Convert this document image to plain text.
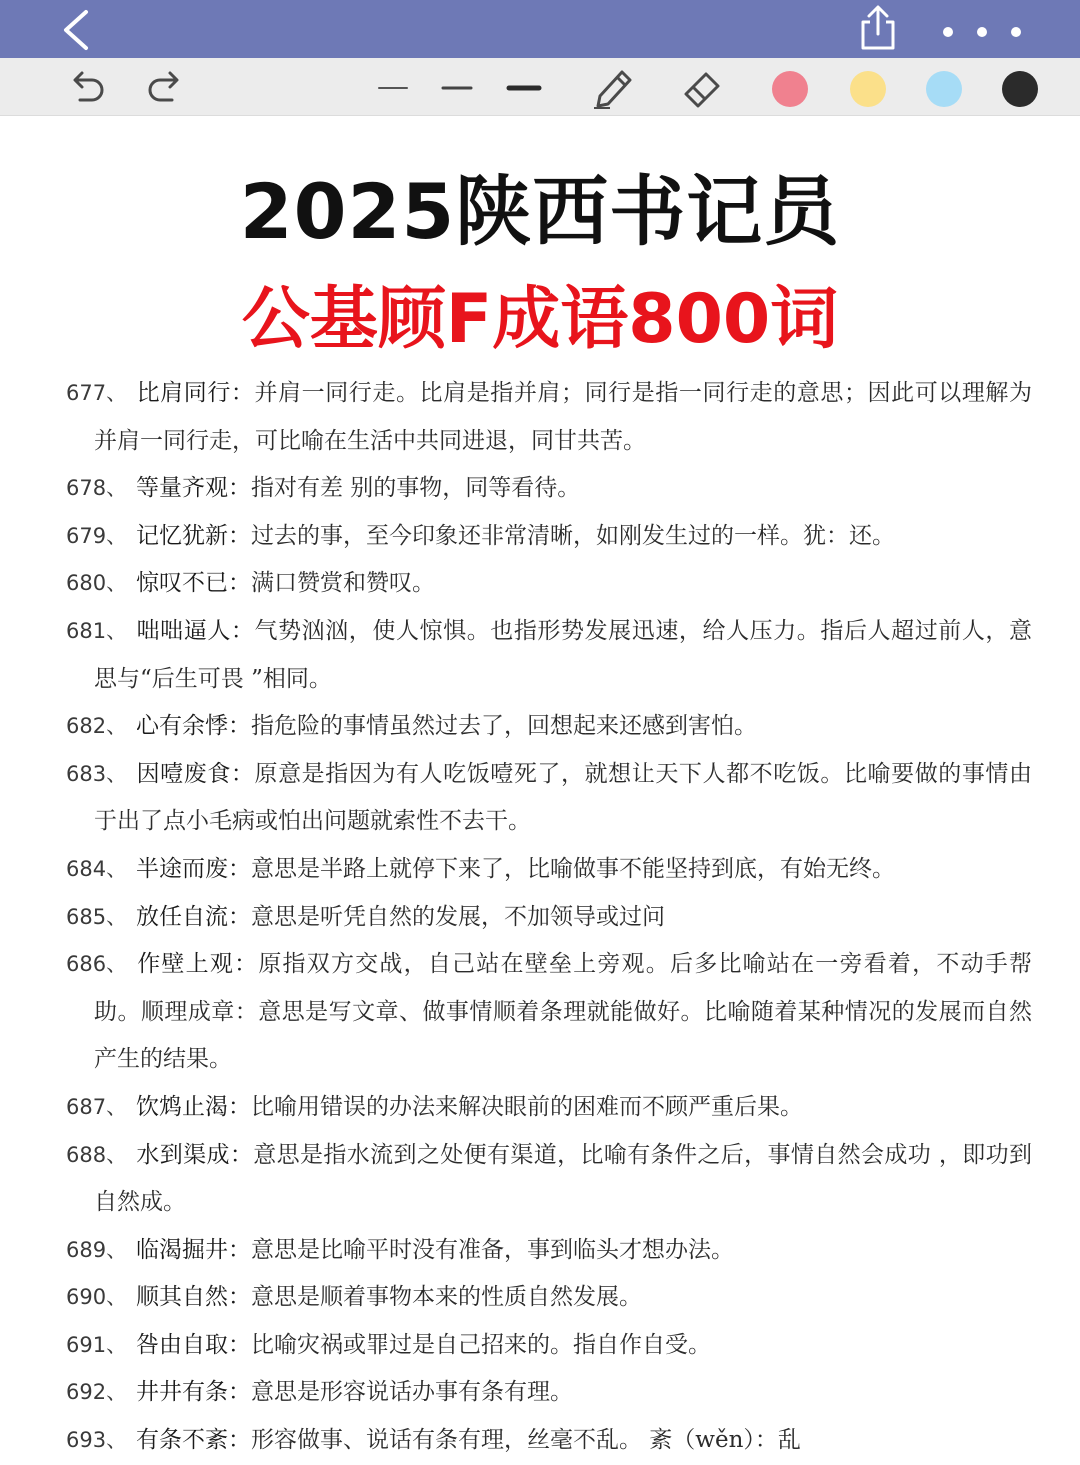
2025陕西书记员
公基顾F成语800词
677、 比肩同行：并肩一同行走。比肩是指并肩；同行是指一同行走的意思；因此可以理解为并肩一同行走，可比喻在生活中共同进退，同甘共苦。
678、 等量齐观：指对有差 别的事物，同等看待。
679、 记忆犹新：过去的事，至今印象还非常清晰，如刚发生过的一样。犹：还。
680、 惊叹不已：满口赞赏和赞叹。
681、 咄咄逼人：气势汹汹，使人惊惧。也指形势发展迅速，给人压力。指后人超过前人，意思与“后生可畏 ”相同。
682、 心有余悸：指危险的事情虽然过去了，回想起来还感到害怕。
683、 因噎废食：原意是指因为有人吃饭噎死了，就想让天下人都不吃饭。比喻要做的事情由于出了点小毛病或怕出问题就索性不去干。
684、 半途而废：意思是半路上就停下来了，比喻做事不能坚持到底，有始无终。
685、 放任自流：意思是听凭自然的发展，不加领导或过问
686、 作壁上观：原指双方交战，自己站在壁垒上旁观。后多比喻站在一旁看着，不动手帮助。顺理成章：意思是写文章、做事情顺着条理就能做好。比喻随着某种情况的发展而自然产生的结果。
687、 饮鸩止渴：比喻用错误的办法来解决眼前的困难而不顾严重后果。
688、 水到渠成：意思是指水流到之处便有渠道，比喻有条件之后，事情自然会成功 ，即功到自然成。
689、 临渴掘井：意思是比喻平时没有准备，事到临头才想办法。
690、 顺其自然：意思是顺着事物本来的性质自然发展。
691、 咎由自取：比喻灾祸或罪过是自己招来的。指自作自受。
692、 井井有条：意思是形容说话办事有条有理。
693、 有条不紊：形容做事、说话有条有理，丝毫不乱。 紊（wěn）：乱
